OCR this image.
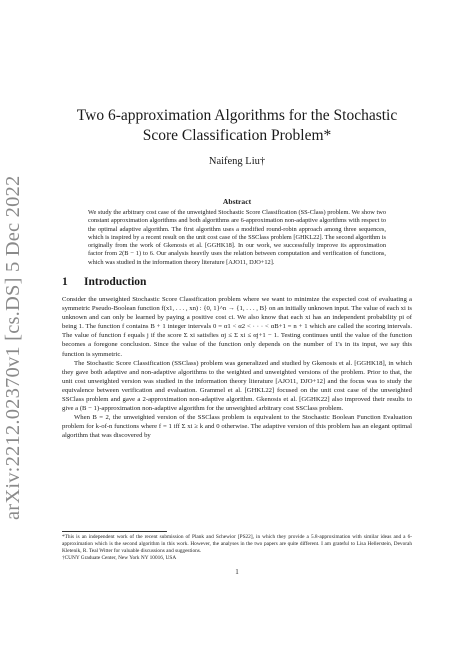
arXiv:2212.02370v1 [cs.DS] 5 Dec 2022
Two 6-approximation Algorithms for the Stochastic Score Classification Problem*
Naifeng Liu†
Abstract
We study the arbitrary cost case of the unweighted Stochastic Score Classification (SS-Class) problem. We show two constant approximation algorithms and both algorithms are 6-approximation non-adaptive algorithms with respect to the optimal adaptive algorithm. The first algorithm uses a modified round-robin approach among three sequences, which is inspired by a recent result on the unit cost case of the SSClass problem [GHKL22]. The second algorithm is originally from the work of Gkenosis et al. [GGHK18]. In our work, we successfully improve its approximation factor from 2(B − 1) to 6. Our analysis heavily uses the relation between computation and verification of functions, which was studied in the information theory literature [AJO11, DJO+12].
1 Introduction

Consider the unweighted Stochastic Score Classification problem where we want to minimize the expected cost of evaluating a symmetric Pseudo-Boolean function f(x1, . . . , xn) : {0, 1}^n → {1, . . . , B} on an initially unknown input. The value of each xi is unknown and can only be learned by paying a positive cost ci. We also know that each xi has an independent probability pi of being 1. The function f contains B + 1 integer intervals 0 = α1 < α2 < · · · < αB+1 = n + 1 which are called the scoring intervals. The value of function f equals j if the score Σ xi satisfies αj ≤ Σ xi ≤ αj+1 − 1. Testing continues until the value of the function becomes a foregone conclusion. Since the value of the function only depends on the number of 1's in its input, we say this function is symmetric.

The Stochastic Score Classification (SSClass) problem was generalized and studied by Gkenosis et al. [GGHK18], in which they gave both adaptive and non-adaptive algorithms to the weighted and unweighted versions of the problem. Prior to that, the unit cost unweighted version was studied in the information theory literature [AJO11, DJO+12] and the focus was to study the equivalence between verification and evaluation. Grammel et al. [GHKL22] focused on the unit cost case of the unweighted SSClass problem and gave a 2-approximation non-adaptive algorithm. Gkenosis et al. [GGHK22] also improved their results to give a (B − 1)-approximation non-adaptive algorithm for the unweighted arbitrary cost SSClass problem.

When B = 2, the unweighted version of the SSClass problem is equivalent to the Stochastic Boolean Function Evaluation problem for k-of-n functions where f = 1 iff Σ xi ≥ k and 0 otherwise. The adaptive version of this problem has an elegant optimal algorithm that was discovered by

*This is an independent work of the recent submission of Plank and Schewior [PS22], in which they provide a 5.8-approximation with similar ideas and a 6-approximation which is the second algorithm in this work. However, the analyses in the two papers are quite different. I am grateful to Lisa Hellerstein, Devorah Kletenik, R. Teal Witter for valuable discussions and suggestions.

†CUNY Graduate Center, New York NY 10016, USA

1
